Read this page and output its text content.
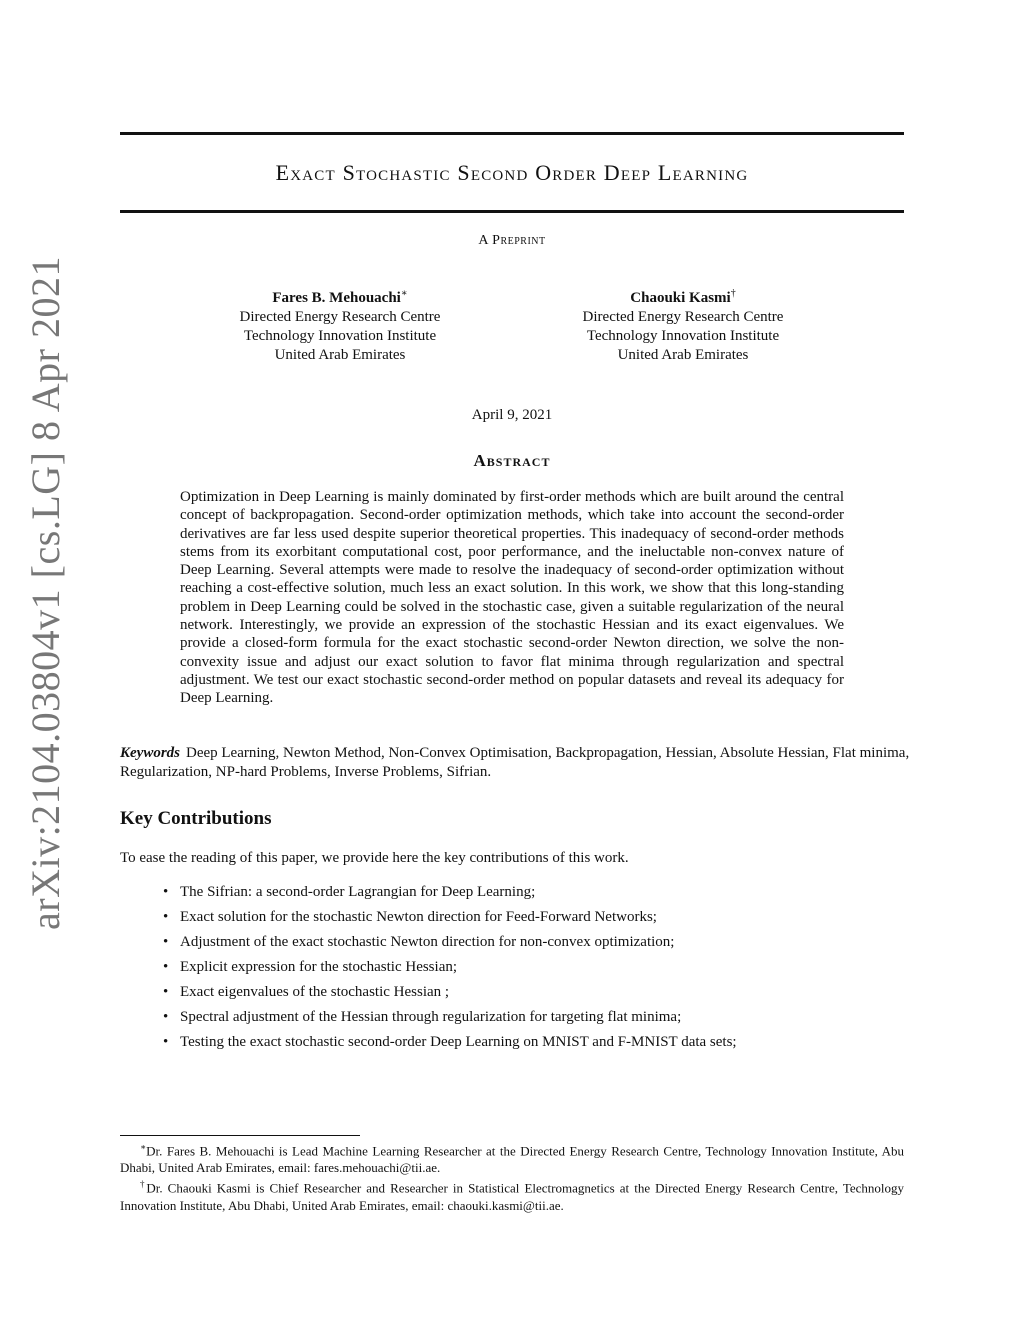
arXiv:2104.03804v1 [cs.LG] 8 Apr 2021
Exact Stochastic Second Order Deep Learning
A Preprint
Fares B. Mehouachi∗
Directed Energy Research Centre
Technology Innovation Institute
United Arab Emirates
Chaouki Kasmi†
Directed Energy Research Centre
Technology Innovation Institute
United Arab Emirates
April 9, 2021
Abstract

Optimization in Deep Learning is mainly dominated by first-order methods which are built around the central concept of backpropagation. Second-order optimization methods, which take into account the second-order derivatives are far less used despite superior theoretical properties. This inadequacy of second-order methods stems from its exorbitant computational cost, poor performance, and the ineluctable non-convex nature of Deep Learning. Several attempts were made to resolve the inadequacy of second-order optimization without reaching a cost-effective solution, much less an exact solution. In this work, we show that this long-standing problem in Deep Learning could be solved in the stochastic case, given a suitable regularization of the neural network. Interestingly, we provide an expression of the stochastic Hessian and its exact eigenvalues. We provide a closed-form formula for the exact stochastic second-order Newton direction, we solve the non-convexity issue and adjust our exact solution to favor flat minima through regularization and spectral adjustment. We test our exact stochastic second-order method on popular datasets and reveal its adequacy for Deep Learning.

Keywords Deep Learning, Newton Method, Non-Convex Optimisation, Backpropagation, Hessian, Absolute Hessian, Flat minima, Regularization, NP-hard Problems, Inverse Problems, Sifrian.

Key Contributions

To ease the reading of this paper, we provide here the key contributions of this work.

• The Sifrian: a second-order Lagrangian for Deep Learning;
• Exact solution for the stochastic Newton direction for Feed-Forward Networks;
• Adjustment of the exact stochastic Newton direction for non-convex optimization;
• Explicit expression for the stochastic Hessian;
• Exact eigenvalues of the stochastic Hessian ;
• Spectral adjustment of the Hessian through regularization for targeting flat minima;
• Testing the exact stochastic second-order Deep Learning on MNIST and F-MNIST data sets;

∗Dr. Fares B. Mehouachi is Lead Machine Learning Researcher at the Directed Energy Research Centre, Technology Innovation Institute, Abu Dhabi, United Arab Emirates, email: fares.mehouachi@tii.ae.

†Dr. Chaouki Kasmi is Chief Researcher and Researcher in Statistical Electromagnetics at the Directed Energy Research Centre, Technology Innovation Institute, Abu Dhabi, United Arab Emirates, email: chaouki.kasmi@tii.ae.
